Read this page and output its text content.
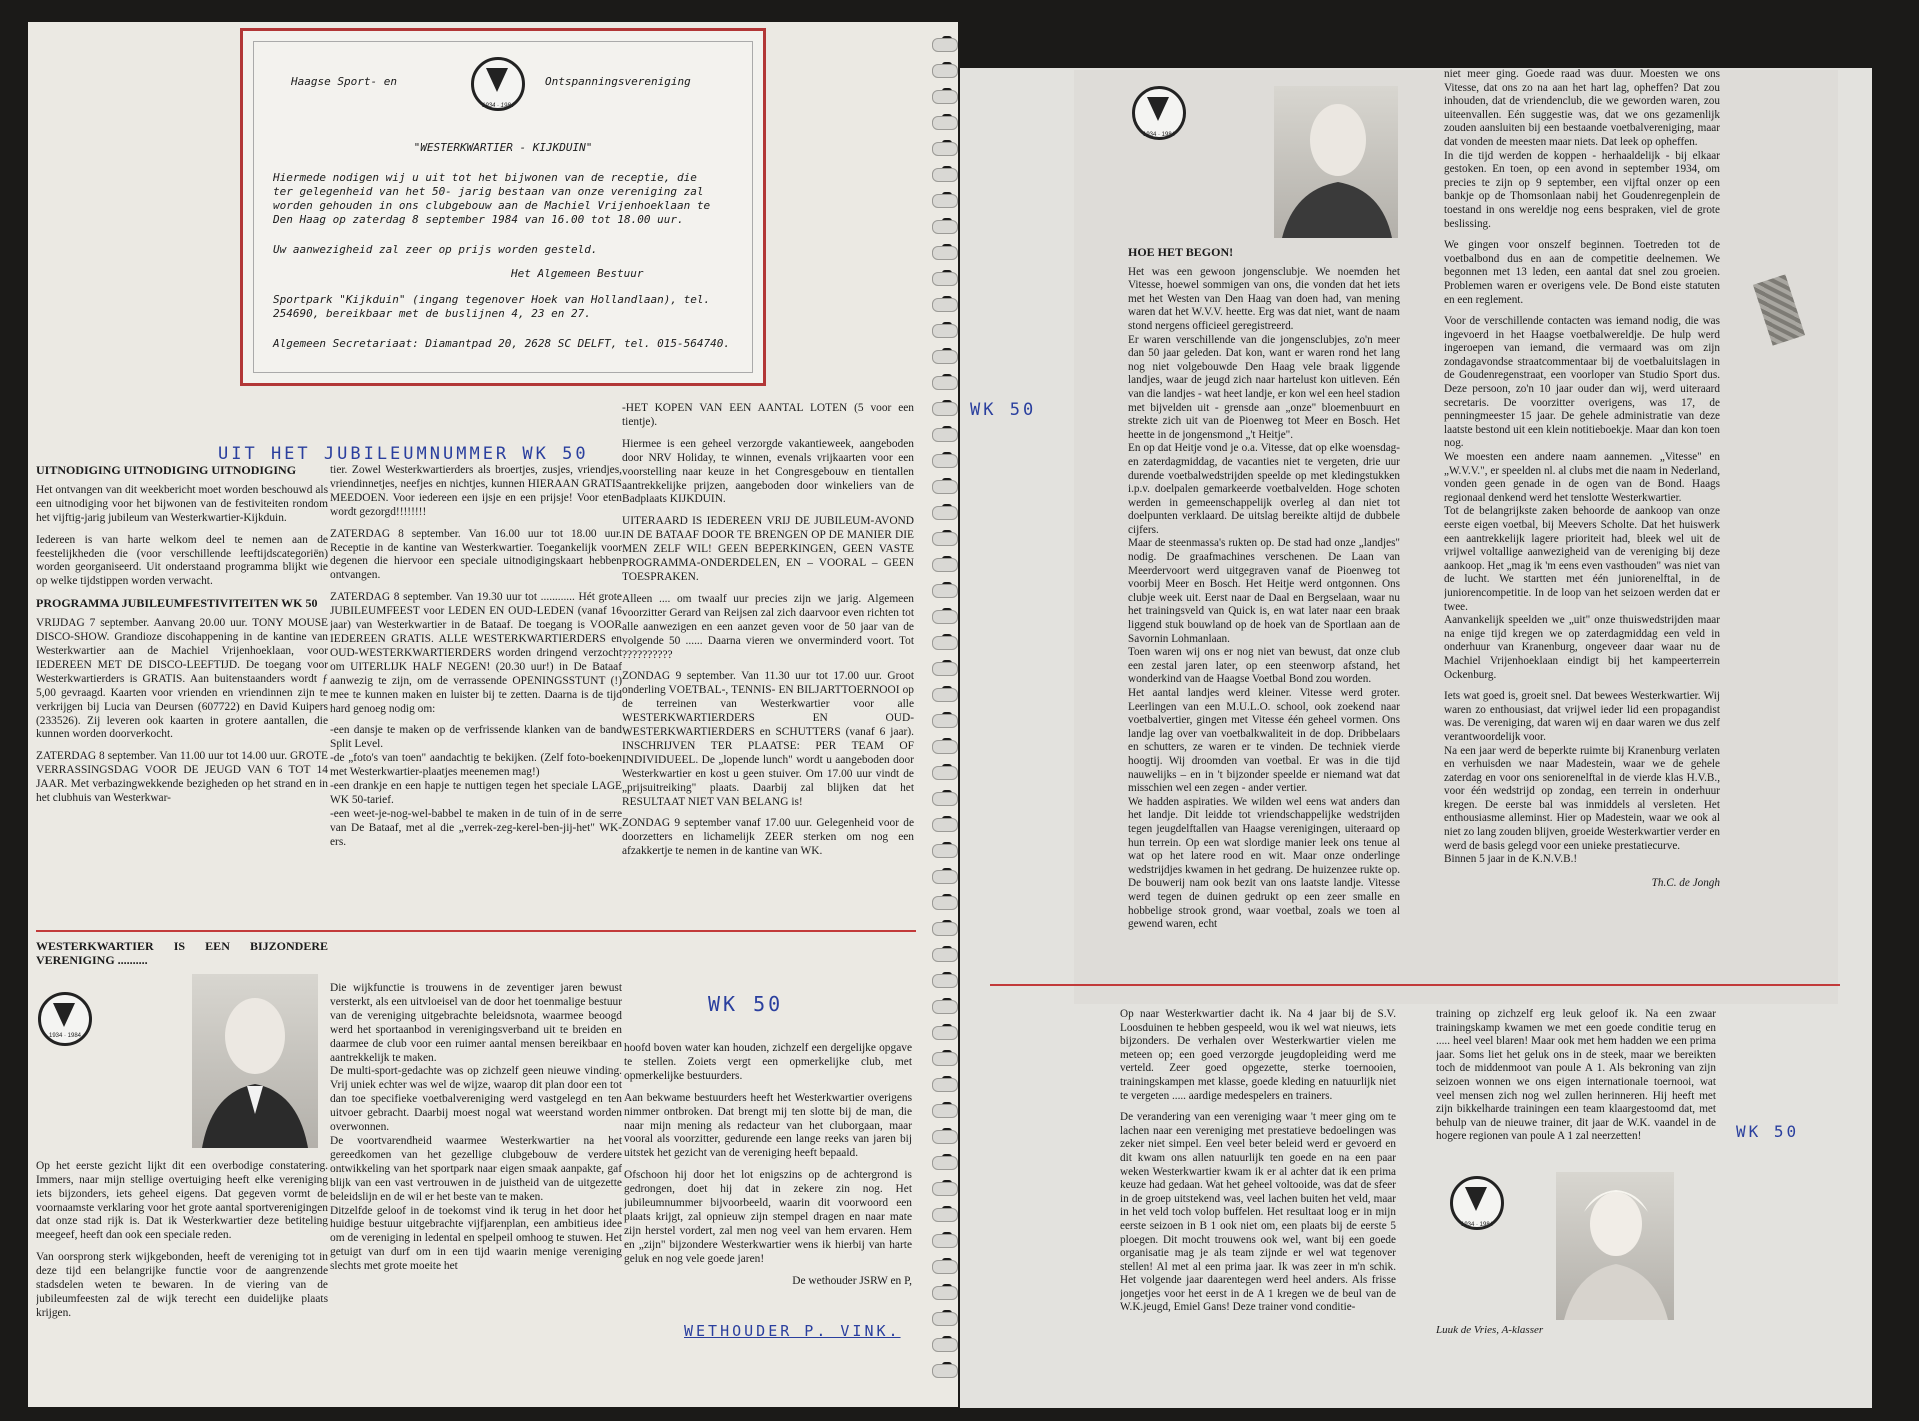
Haagse Sport- en
1934 · 1984
Ontspanningsvereniging
"WESTERKWARTIER - KIJKDUIN"
Hiermede nodigen wij u uit tot het bijwonen van de receptie, die ter gelegenheid van het 50- jarig bestaan van onze vereniging zal worden gehouden in ons clubgebouw aan de Machiel Vrijenhoeklaan te Den Haag op zaterdag 8 september 1984 van 16.00 tot 18.00 uur.
Uw aanwezigheid zal zeer op prijs worden gesteld.
Het Algemeen Bestuur
Sportpark "Kijkduin" (ingang tegenover Hoek van Hollandlaan), tel. 254690, bereikbaar met de buslijnen 4, 23 en 27.
Algemeen Secretariaat: Diamantpad 20, 2628 SC DELFT, tel. 015-564740.
UIT HET JUBILEUMNUMMER WK 50
UITNODIGING UITNODIGING UITNODIGING

Het ontvangen van dit weekbericht moet worden beschouwd als een uitnodiging voor het bijwonen van de festiviteiten rondom het vijftig-jarig jubileum van Westerkwartier-Kijkduin.

Iedereen is van harte welkom deel te nemen aan de feestelijkheden die (voor verschillende leeftijdscategoriën) worden georganiseerd. Uit onderstaand programma blijkt wie op welke tijdstippen worden verwacht.

PROGRAMMA JUBILEUMFESTIVITEITEN WK 50

VRIJDAG 7 september. Aanvang 20.00 uur. TONY MOUSE DISCO-SHOW. Grandioze discohappening in de kantine van Westerkwartier aan de Machiel Vrijenhoeklaan, voor IEDEREEN MET DE DISCO-LEEFTIJD. De toegang voor Westerkwartierders is GRATIS. Aan buitenstaanders wordt ƒ 5,00 gevraagd. Kaarten voor vrienden en vriendinnen zijn te verkrijgen bij Lucia van Deursen (607722) en David Kuipers (233526). Zij leveren ook kaarten in grotere aantallen, die kunnen worden doorverkocht.

ZATERDAG 8 september. Van 11.00 uur tot 14.00 uur. GROTE VERRASSINGSDAG VOOR DE JEUGD VAN 6 TOT 14 JAAR. Met verbazingwekkende bezigheden op het strand en in het clubhuis van Westerkwar-

tier. Zowel Westerkwartierders als broertjes, zusjes, vriendjes, vriendinnetjes, neefjes en nichtjes, kunnen HIERAAN GRATIS MEEDOEN. Voor iedereen een ijsje en een prijsje! Voor eten wordt gezorgd!!!!!!!!

ZATERDAG 8 september. Van 16.00 uur tot 18.00 uur. Receptie in de kantine van Westerkwartier. Toegankelijk voor degenen die hiervoor een speciale uitnodigingskaart hebben ontvangen.

ZATERDAG 8 september. Van 19.30 uur tot ............ Hét grote JUBILEUMFEEST voor LEDEN EN OUD-LEDEN (vanaf 16 jaar) van Westerkwartier in de Bataaf. De toegang is VOOR IEDEREEN GRATIS. ALLE WESTERKWARTIERDERS en OUD-WESTERKWARTIERDERS worden dringend verzocht om UITERLIJK HALF NEGEN! (20.30 uur!) in De Bataaf aanwezig te zijn, om de verrassende OPENINGSSTUNT (!) mee te kunnen maken en luister bij te zetten. Daarna is de tijd hard genoeg nodig om:

-een dansje te maken op de verfrissende klanken van de band Split Level.

-de „foto's van toen" aandachtig te bekijken. (Zelf foto-boeken met Westerkwartier-plaatjes meenemen mag!)

-een drankje en een hapje te nuttigen tegen het speciale LAGE WK 50-tarief.

-een weet-je-nog-wel-babbel te maken in de tuin of in de serre van De Bataaf, met al die „verrek-zeg-kerel-ben-jij-het" WK-ers.

-HET KOPEN VAN EEN AANTAL LOTEN (5 voor een tientje).

Hiermee is een geheel verzorgde vakantieweek, aangeboden door NRV Holiday, te winnen, evenals vrijkaarten voor een voorstelling naar keuze in het Congresgebouw en tientallen aantrekkelijke prijzen, aangeboden door winkeliers van de Badplaats KIJKDUIN.

UITERAARD IS IEDEREEN VRIJ DE JUBILEUM-AVOND IN DE BATAAF DOOR TE BRENGEN OP DE MANIER DIE MEN ZELF WIL! GEEN BEPERKINGEN, GEEN VASTE PROGRAMMA-ONDERDELEN, EN – VOORAL – GEEN TOESPRAKEN.

Alleen .... om twaalf uur precies zijn we jarig. Algemeen voorzitter Gerard van Reijsen zal zich daarvoor even richten tot alle aanwezigen en een aanzet geven voor de 50 jaar van de volgende 50 ...... Daarna vieren we onverminderd voort. Tot ??????????

ZONDAG 9 september. Van 11.30 uur tot 17.00 uur. Groot onderling VOETBAL-, TENNIS- EN BILJARTTOERNOOI op de terreinen van Westerkwartier voor alle WESTERKWARTIERDERS EN OUD-WESTERKWARTIERDERS en SCHUTTERS (vanaf 6 jaar). INSCHRIJVEN TER PLAATSE: PER TEAM OF INDIVIDUEEL. De „lopende lunch" wordt u aangeboden door Westerkwartier en kost u geen stuiver. Om 17.00 uur vindt de „prijsuitreiking" plaats. Daarbij zal blijken dat het RESULTAAT NIET VAN BELANG is!

ZONDAG 9 september vanaf 17.00 uur. Gelegenheid voor de doorzetters en lichamelijk ZEER sterken om nog een afzakkertje te nemen in de kantine van WK.

WK 50
WESTERKWARTIER IS EEN BIJZONDERE VERENIGING ..........
1934 · 1984

Op het eerste gezicht lijkt dit een overbodige constatering. Immers, naar mijn stellige overtuiging heeft elke vereniging iets bijzonders, iets geheel eigens. Dat gegeven vormt de voornaamste verklaring voor het grote aantal sportverenigingen dat onze stad rijk is. Dat ik Westerkwartier deze betiteling meegeef, heeft dan ook een speciale reden.

Van oorsprong sterk wijkgebonden, heeft de vereniging tot in deze tijd een belangrijke functie voor de aangrenzende stadsdelen weten te bewaren. In de viering van de jubileumfeesten zal de wijk terecht een duidelijke plaats krijgen.

Die wijkfunctie is trouwens in de zeventiger jaren bewust versterkt, als een uitvloeisel van de door het toenmalige bestuur van de vereniging uitgebrachte beleidsnota, waarmee beoogd werd het sportaanbod in verenigingsverband uit te breiden en daarmee de club voor een ruimer aantal mensen bereikbaar en aantrekkelijk te maken.

De multi-sport-gedachte was op zichzelf geen nieuwe vinding. Vrij uniek echter was wel de wijze, waarop dit plan door een tot dan toe specifieke voetbalvereniging werd vastgelegd en ten uitvoer gebracht. Daarbij moest nogal wat weerstand worden overwonnen.

De voortvarendheid waarmee Westerkwartier na het gereedkomen van het gezellige clubgebouw de verdere ontwikkeling van het sportpark naar eigen smaak aanpakte, gaf blijk van een vast vertrouwen in de juistheid van de uitgezette beleidslijn en de wil er het beste van te maken.

Ditzelfde geloof in de toekomst vind ik terug in het door het huidige bestuur uitgebrachte vijfjarenplan, een ambitieus idee om de vereniging in ledental en spelpeil omhoog te stuwen. Het getuigt van durf om in een tijd waarin menige vereniging slechts met grote moeite het

hoofd boven water kan houden, zichzelf een dergelijke opgave te stellen. Zoiets vergt een opmerkelijke club, met opmerkelijke bestuurders.

Aan bekwame bestuurders heeft het Westerkwartier overigens nimmer ontbroken. Dat brengt mij ten slotte bij de man, die naar mijn mening als redacteur van het cluborgaan, maar vooral als voorzitter, gedurende een lange reeks van jaren bij uitstek het gezicht van de vereniging heeft bepaald.

Ofschoon hij door het lot enigszins op de achtergrond is gedrongen, doet hij dat in zekere zin nog. Het jubileumnummer bijvoorbeeld, waarin dit voorwoord een plaats krijgt, zal opnieuw zijn stempel dragen en naar mate zijn herstel vordert, zal men nog veel van hem ervaren. Hem en „zijn" bijzondere Westerkwartier wens ik hierbij van harte geluk en nog vele goede jaren!

De wethouder JSRW en P,

WETHOUDER P. VINK.
WK 50
1934 · 1984
HOE HET BEGON!

Het was een gewoon jongensclubje. We noemden het Vitesse, hoewel sommigen van ons, die vonden dat het iets met het Westen van Den Haag van doen had, van mening waren dat het W.V.V. heette. Erg was dat niet, want de naam stond nergens officieel geregistreerd.

Er waren verschillende van die jongensclubjes, zo'n meer dan 50 jaar geleden. Dat kon, want er waren rond het lang nog niet volgebouwde Den Haag vele braak liggende landjes, waar de jeugd zich naar hartelust kon uitleven. Eén van die landjes - wat heet landje, er kon wel een heel stadion met bijvelden uit - grensde aan „onze" bloemenbuurt en strekte zich uit van de Pioenweg tot Meer en Bosch. Het heette in de jongensmond „'t Heitje".

En op dat Heitje vond je o.a. Vitesse, dat op elke woensdag- en zaterdagmiddag, de vacanties niet te vergeten, drie uur durende voetbalwedstrijden speelde op met kledingstukken i.p.v. doelpalen gemarkeerde voetbalvelden. Hoge schoten werden in gemeenschappelijk overleg al dan niet tot doelpunten verklaard. De uitslag bereikte altijd de dubbele cijfers.

Maar de steenmassa's rukten op. De stad had onze „landjes" nodig. De graafmachines verschenen. De Laan van Meerdervoort werd uitgegraven vanaf de Pioenweg tot voorbij Meer en Bosch. Het Heitje werd ontgonnen. Ons clubje week uit. Eerst naar de Daal en Bergselaan, waar nu het trainingsveld van Quick is, en wat later naar een braak liggend stuk bouwland op de hoek van de Sportlaan aan de Savornin Lohmanlaan.

Toen waren wij ons er nog niet van bewust, dat onze club een zestal jaren later, op een steenworp afstand, het wonderkind van de Haagse Voetbal Bond zou worden.

Het aantal landjes werd kleiner. Vitesse werd groter. Leerlingen van een M.U.L.O. school, ook zoekend naar voetbalvertier, gingen met Vitesse één geheel vormen. Ons landje lag over van voetbalkwaliteit in de dop. Dribbelaars en schutters, ze waren er te vinden. De techniek vierde hoogtij. Wij droomden van voetbal. Er was in die tijd nauwelijks – en in 't bijzonder speelde er niemand wat dat misschien wel een zegen - ander vertier.

We hadden aspiraties. We wilden wel eens wat anders dan het landje. Dit leidde tot vriendschappelijke wedstrijden tegen jeugdelftallen van Haagse verenigingen, uiteraard op hun terrein. Op een wat slordige manier leek ons tenue al wat op het latere rood en wit. Maar onze onderlinge wedstrijdjes kwamen in het gedrang. De huizenzee rukte op. De bouwerij nam ook bezit van ons laatste landje. Vitesse werd tegen de duinen gedrukt op een zeer smalle en hobbelige strook grond, waar voetbal, zoals we toen al gewend waren, echt

niet meer ging. Goede raad was duur. Moesten we ons Vitesse, dat ons zo na aan het hart lag, opheffen? Dat zou inhouden, dat de vriendenclub, die we geworden waren, zou uiteenvallen. Eén suggestie was, dat we ons gezamenlijk zouden aansluiten bij een bestaande voetbalvereniging, maar dat vonden de meesten maar niets. Dat leek op opheffen.

In die tijd werden de koppen - herhaaldelijk - bij elkaar gestoken. En toen, op een avond in september 1934, om precies te zijn op 9 september, een vijftal onzer op een bankje op de Thomsonlaan nabij het Goudenregenplein de toestand in ons wereldje nog eens bespraken, viel de grote beslissing.

We gingen voor onszelf beginnen. Toetreden tot de voetbalbond dus en aan de competitie deelnemen. We begonnen met 13 leden, een aantal dat snel zou groeien. Problemen waren er overigens vele. De Bond eiste statuten en een reglement.

Voor de verschillende contacten was iemand nodig, die was ingevoerd in het Haagse voetbalwereldje. De hulp werd ingeroepen van iemand, die vermaard was om zijn zondagavondse straatcommentaar bij de voetbaluitslagen in de Goudenregenstraat, een voorloper van Studio Sport dus. Deze persoon, zo'n 10 jaar ouder dan wij, werd uiteraard secretaris. De voorzitter overigens, was 17, de penningmeester 15 jaar. De gehele administratie van deze laatste bestond uit een klein notitieboekje. Maar dan kon toen nog.

We moesten een andere naam aannemen. „Vitesse" en „W.V.V.", er speelden nl. al clubs met die naam in Nederland, vonden geen genade in de ogen van de Bond. Haags regionaal denkend werd het tenslotte Westerkwartier.

Tot de belangrijkste zaken behoorde de aankoop van onze eerste eigen voetbal, bij Meevers Scholte. Dat het huiswerk een aantrekkelijk lagere prioriteit had, bleek wel uit de vrijwel voltallige aanwezigheid van de vereniging bij deze aankoop. Het „mag ik 'm eens even vasthouden" was niet van de lucht. We startten met één juniorenelftal, in de juniorencompetitie. In de loop van het seizoen werden dat er twee.

Aanvankelijk speelden we „uit" onze thuiswedstrijden maar na enige tijd kregen we op zaterdagmiddag een veld in onderhuur van Kranenburg, ongeveer daar waar nu de Machiel Vrijenhoeklaan eindigt bij het kampeerterrein Ockenburg.

Iets wat goed is, groeit snel. Dat bewees Westerkwartier. Wij waren zo enthousiast, dat vrijwel ieder lid een propagandist was. De vereniging, dat waren wij en daar waren we dus zelf verantwoordelijk voor.

Na een jaar werd de beperkte ruimte bij Kranenburg verlaten en verhuisden we naar Madestein, waar we de gehele zaterdag en voor ons seniorenelftal in de vierde klas H.V.B., voor één wedstrijd op zondag, een terrein in onderhuur kregen. De eerste bal was inmiddels al versleten. Het enthousiasme alleminst. Hier op Madestein, waar we ook al niet zo lang zouden blijven, groeide Westerkwartier verder en werd de basis gelegd voor een unieke prestatiecurve.

Binnen 5 jaar in de K.N.V.B.!

Th.C. de Jongh

Op naar Westerkwartier dacht ik. Na 4 jaar bij de S.V. Loosduinen te hebben gespeeld, wou ik wel wat nieuws, iets bijzonders. De verhalen over Westerkwartier vielen me meteen op; een goed verzorgde jeugdopleiding werd me verteld. Zeer goed opgezette, sterke toernooien, trainingskampen met klasse, goede kleding en natuurlijk niet te vergeten ..... aardige medespelers en trainers.

De verandering van een vereniging waar 't meer ging om te lachen naar een vereniging met prestatieve bedoelingen was zeker niet simpel. Een veel beter beleid werd er gevoerd en dit kwam ons allen natuurlijk ten goede en na een paar weken Westerkwartier kwam ik er al achter dat ik een prima keuze had gedaan. Wat het geheel voltooide, was dat de sfeer in de groep uitstekend was, veel lachen buiten het veld, maar in het veld toch volop buffelen. Het resultaat loog er in mijn eerste seizoen in B 1 ook niet om, een plaats bij de eerste 5 ploegen. Dit mocht trouwens ook wel, want bij een goede organisatie mag je als team zijnde er wel wat tegenover stellen! Al met al een prima jaar. Ik was zeer in m'n schik. Het volgende jaar daarentegen werd heel anders. Als frisse jongetjes voor het eerst in de A 1 kregen we de beul van de W.K.jeugd, Emiel Gans! Deze trainer vond conditie-

training op zichzelf erg leuk geloof ik. Na een zwaar trainingskamp kwamen we met een goede conditie terug en ..... heel veel blaren! Maar ook met hem hadden we een prima jaar. Soms liet het geluk ons in de steek, maar we bereikten toch de middenmoot van poule A 1. Als bekroning van zijn seizoen wonnen we ons eigen internationale toernooi, wat veel mensen zich nog wel zullen herinneren. Hij heeft met zijn bikkelharde trainingen een team klaargestoomd dat, met behulp van de nieuwe trainer, dit jaar de W.K. vaandel in de hogere regionen van poule A 1 zal neerzetten!	WK 50
1934 · 1984
Luuk de Vries, A-klasser
